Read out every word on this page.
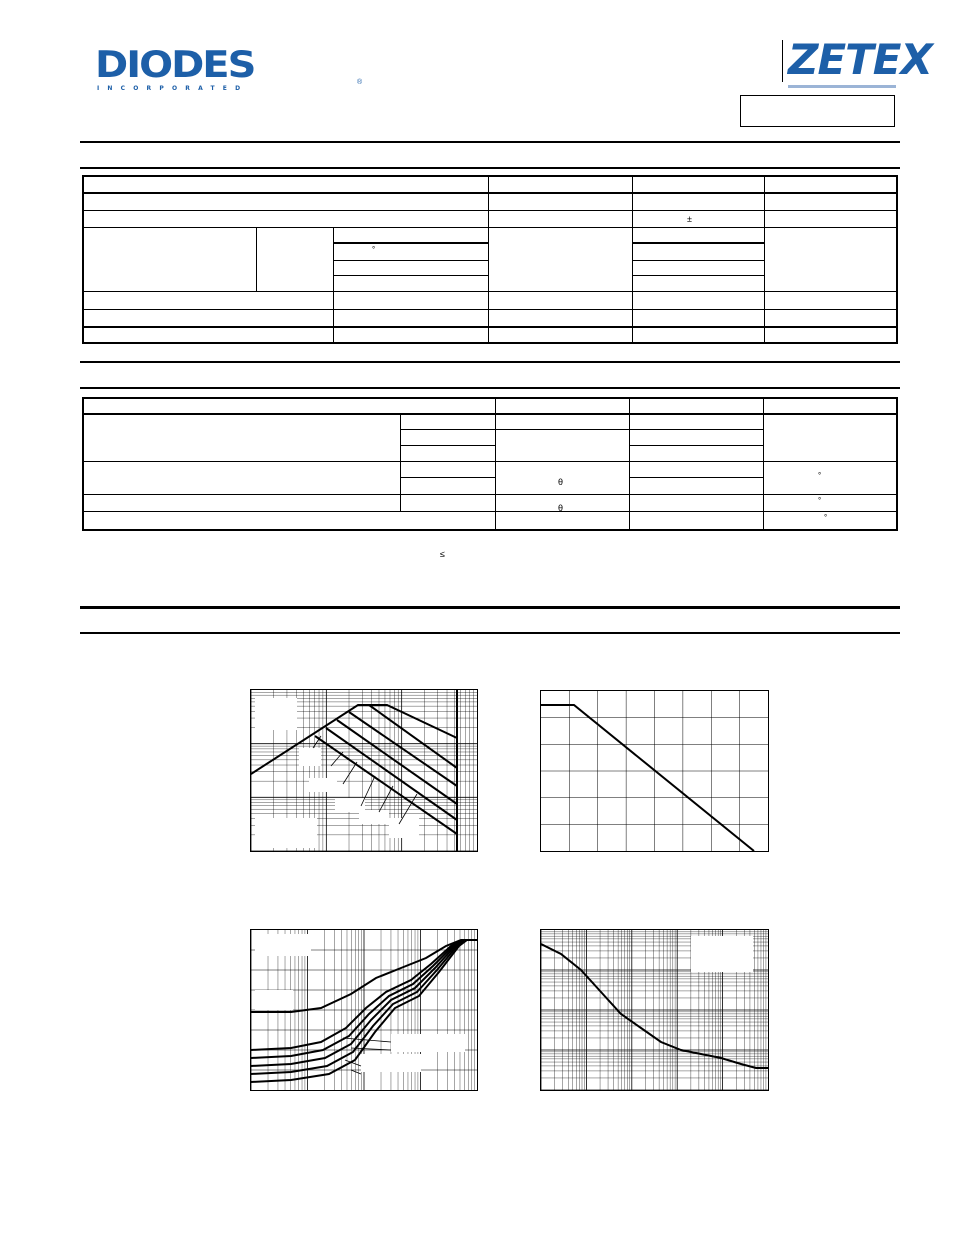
DIODES
INCORPORATED
®	ZETEX
±
°
θ
θ
°
°
°
≤
